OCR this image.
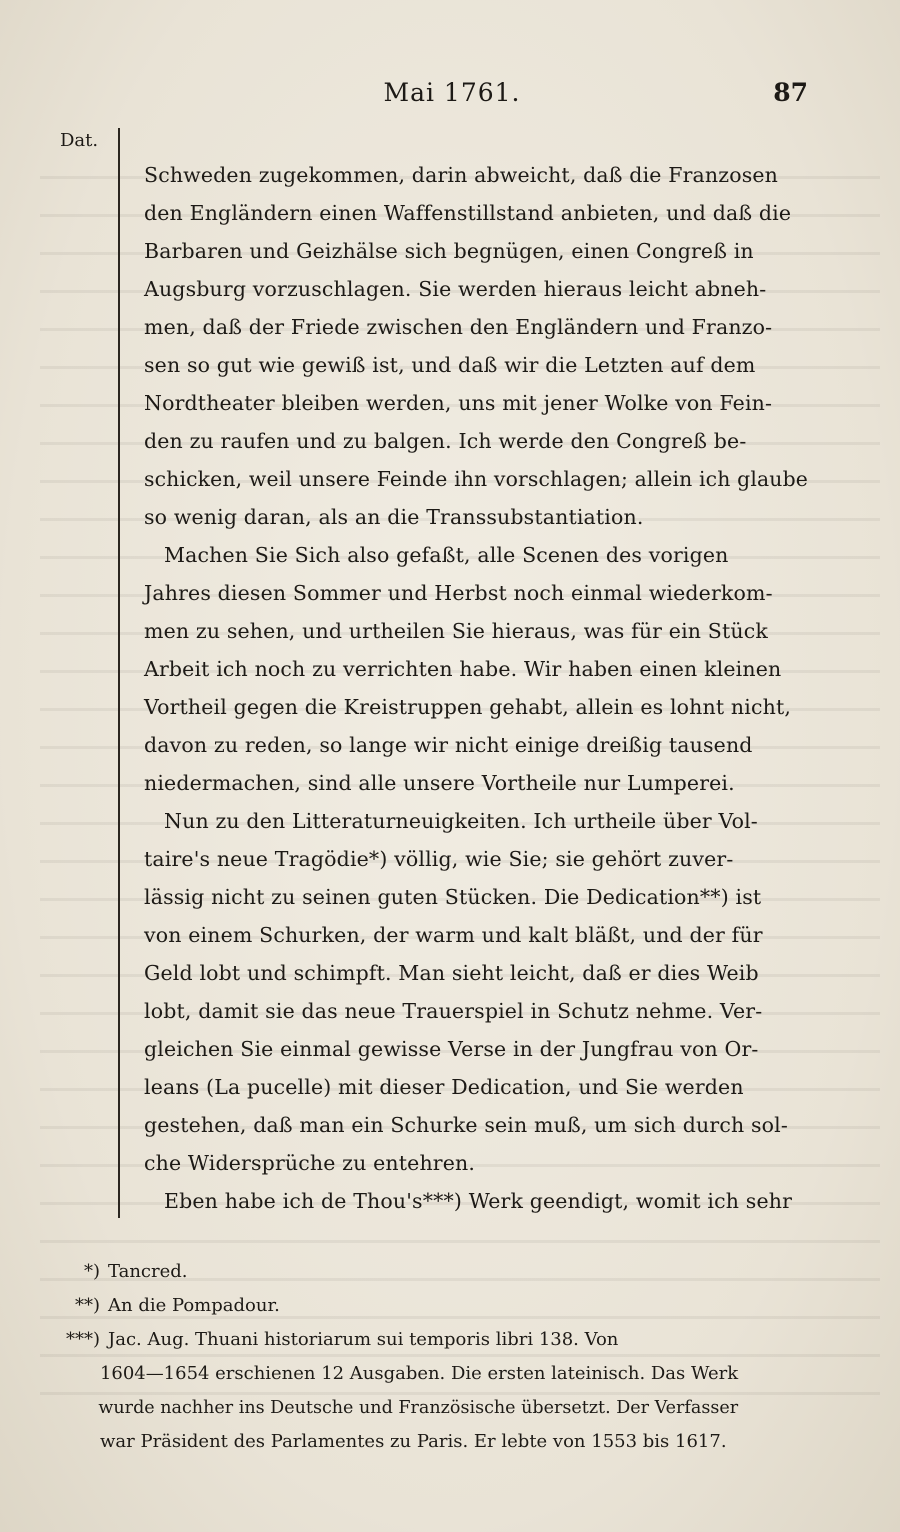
Mai 1761.	87
Dat.

Schweden zugekommen, darin abweicht, daß die Franzosen
den Engländern einen Waffenstillstand anbieten, und daß die
Barbaren und Geizhälse sich begnügen, einen Congreß in
Augsburg vorzuschlagen. Sie werden hieraus leicht abneh-
men, daß der Friede zwischen den Engländern und Franzo-
sen so gut wie gewiß ist, und daß wir die Letzten auf dem
Nordtheater bleiben werden, uns mit jener Wolke von Fein-
den zu raufen und zu balgen. Ich werde den Congreß be-
schicken, weil unsere Feinde ihn vorschlagen; allein ich glaube
so wenig daran, als an die Transsubstantiation.

Machen Sie Sich also gefaßt, alle Scenen des vorigen
Jahres diesen Sommer und Herbst noch einmal wiederkom-
men zu sehen, und urtheilen Sie hieraus, was für ein Stück
Arbeit ich noch zu verrichten habe. Wir haben einen kleinen
Vortheil gegen die Kreistruppen gehabt, allein es lohnt nicht,
davon zu reden, so lange wir nicht einige dreißig tausend
niedermachen, sind alle unsere Vortheile nur Lumperei.

Nun zu den Litteraturneuigkeiten. Ich urtheile über Vol-
taire's neue Tragödie*) völlig, wie Sie; sie gehört zuver-
lässig nicht zu seinen guten Stücken. Die Dedication**) ist
von einem Schurken, der warm und kalt bläßt, und der für
Geld lobt und schimpft. Man sieht leicht, daß er dies Weib
lobt, damit sie das neue Trauerspiel in Schutz nehme. Ver-
gleichen Sie einmal gewisse Verse in der Jungfrau von Or-
leans (La pucelle) mit dieser Dedication, und Sie werden
gestehen, daß man ein Schurke sein muß, um sich durch sol-
che Widersprüche zu entehren.

Eben habe ich de Thou's***) Werk geendigt, womit ich sehr

*) Tancred.
**) An die Pompadour.
***) Jac. Aug. Thuani historiarum sui temporis libri 138. Von
1604—1654 erschienen 12 Ausgaben. Die ersten lateinisch. Das Werk
wurde nachher ins Deutsche und Französische übersetzt. Der Verfasser
war Präsident des Parlamentes zu Paris. Er lebte von 1553 bis 1617.
